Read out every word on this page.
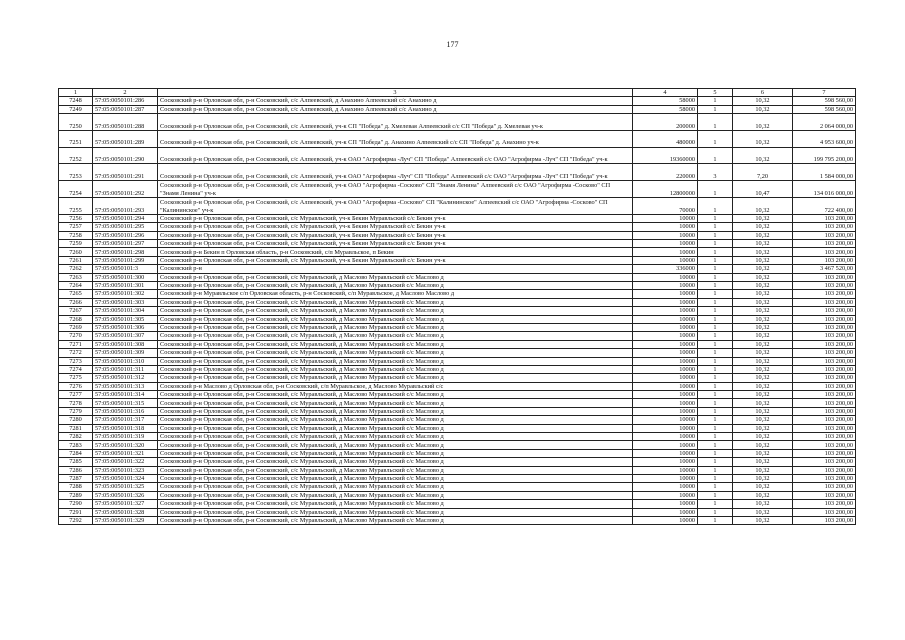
177
1	2	3	4	5	6	7
7248	57:05:0050101:286	Сосковский р-н Орловская обл, р-н Сосковский, с/с Алпеевский, д Анахино Алпеевский с/с Анахино д	58000	1	10,32	598 560,00
7249	57:05:0050101:287	Сосковский р-н Орловская обл, р-н Сосковский, с/с Алпеевский, д Анахино Алпеевский с/с Анахино д	58000	1	10,32	598 560,00
7250	57:05:0050101:288	Сосковский р-н Орловская обл, р-н Сосковский, с/с Алпеевский, уч-к СП "Победа" д. Хмелевая Алпеевский с/с СП "Победа" д. Хмелевая уч-к	200000	1	10,32	2 064 000,00
7251	57:05:0050101:289	Сосковский р-н Орловская обл, р-н Сосковский, с/с Алпеевский, уч-к СП "Победа" д. Анахино Алпеевский с/с СП "Победа" д. Анахино уч-к	480000	1	10,32	4 953 600,00
7252	57:05:0050101:290	Сосковский р-н Орловская обл, р-н Сосковский, с/с Алпеевский, уч-к ОАО "Агрофирма -Луч" СП "Победа" Алпеевский с/с ОАО "Агрофирма -Луч" СП "Победа" уч-к	19360000	1	10,32	199 795 200,00
7253	57:05:0050101:291	Сосковский р-н Орловская обл, р-н Сосковский, с/с Алпеевский, уч-к ОАО "Агрофирма -Луч" СП "Победа" Алпеевский с/с ОАО "Агрофирма -Луч" СП "Победа" уч-к	220000	3	7,20	1 584 000,00
7254	57:05:0050101:292	Сосковский р-н Орловская обл, р-н Сосковский, с/с Алпеевский, уч-к ОАО "Агрофирма -Сосково" СП "Знамя Ленина" Алпеевский с/с ОАО "Агрофирма -Сосково" СП "Знамя Ленина" уч-к	12800000	1	10,47	134 016 000,00
7255	57:05:0050101:293	Сосковский р-н Орловская обл, р-н Сосковский, с/с Алпеевский, уч-к ОАО "Агрофирма -Сосково" СП "Калининское" Алпеевский с/с ОАО "Агрофирма -Сосково" СП "Калининское" уч-к	70000	1	10,32	722 400,00
7256	57:05:0050101:294	Сосковский р-н Орловская обл, р-н Сосковский, с/с Муравльский, уч-к Бекин Муравльский с/с Бекин уч-к	10000	1	10,32	103 200,00
7257	57:05:0050101:295	Сосковский р-н Орловская обл, р-н Сосковский, с/с Муравльский, уч-к Бекин Муравльский с/с Бекин уч-к	10000	1	10,32	103 200,00
7258	57:05:0050101:296	Сосковский р-н Орловская обл, р-н Сосковский, с/с Муравльский, уч-к Бекин Муравльский с/с Бекин уч-к	10000	1	10,32	103 200,00
7259	57:05:0050101:297	Сосковский р-н Орловская обл, р-н Сосковский, с/с Муравльский, уч-к Бекин Муравльский с/с Бекин уч-к	10000	1	10,32	103 200,00
7260	57:05:0050101:298	Сосковский р-н Бекин п Орловская область, р-н Сосковский, с/п Муравльское, п Бекин	10000	1	10,32	103 200,00
7261	57:05:0050101:299	Сосковский р-н Орловская обл, р-н Сосковский, с/с Муравльский, уч-к Бекин Муравльский с/с Бекин уч-к	10000	1	10,32	103 200,00
7262	57:05:0050101:3	Сосковский р-н	336000	1	10,32	3 467 520,00
7263	57:05:0050101:300	Сосковский р-н Орловская обл, р-н Сосковский, с/с Муравльский, д Маслово Муравльский с/с Маслово д	10000	1	10,32	103 200,00
7264	57:05:0050101:301	Сосковский р-н Орловская обл, р-н Сосковский, с/с Муравльский, д Маслово Муравльский с/с Маслово д	10000	1	10,32	103 200,00
7265	57:05:0050101:302	Сосковский р-н Муравльское с/п Орловская область, р-н Сосковский, с/п Муравльское, д Маслово Маслово д	10000	1	10,32	103 200,00
7266	57:05:0050101:303	Сосковский р-н Орловская обл, р-н Сосковский, с/с Муравльский, д Маслово Муравльский с/с Маслово д	10000	1	10,32	103 200,00
7267	57:05:0050101:304	Сосковский р-н Орловская обл, р-н Сосковский, с/с Муравльский, д Маслово Муравльский с/с Маслово д	10000	1	10,32	103 200,00
7268	57:05:0050101:305	Сосковский р-н Орловская обл, р-н Сосковский, с/с Муравльский, д Маслово Муравльский с/с Маслово д	10000	1	10,32	103 200,00
7269	57:05:0050101:306	Сосковский р-н Орловская обл, р-н Сосковский, с/с Муравльский, д Маслово Муравльский с/с Маслово д	10000	1	10,32	103 200,00
7270	57:05:0050101:307	Сосковский р-н Орловская обл, р-н Сосковский, с/с Муравльский, д Маслово Муравльский с/с Маслово д	10000	1	10,32	103 200,00
7271	57:05:0050101:308	Сосковский р-н Орловская обл, р-н Сосковский, с/с Муравльский, д Маслово Муравльский с/с Маслово д	10000	1	10,32	103 200,00
7272	57:05:0050101:309	Сосковский р-н Орловская обл, р-н Сосковский, с/с Муравльский, д Маслово Муравльский с/с Маслово д	10000	1	10,32	103 200,00
7273	57:05:0050101:310	Сосковский р-н Орловская обл, р-н Сосковский, с/с Муравльский, д Маслово Муравльский с/с Маслово д	10000	1	10,32	103 200,00
7274	57:05:0050101:311	Сосковский р-н Орловская обл, р-н Сосковский, с/с Муравльский, д Маслово Муравльский с/с Маслово д	10000	1	10,32	103 200,00
7275	57:05:0050101:312	Сосковский р-н Орловская обл, р-н Сосковский, с/с Муравльский, д Маслово Муравльский с/с Маслово д	10000	1	10,32	103 200,00
7276	57:05:0050101:313	Сосковский р-н Маслово д Орловская обл, р-н Сосковский, с/п Муравльское, д Маслово Муравльский с/с	10000	1	10,32	103 200,00
7277	57:05:0050101:314	Сосковский р-н Орловская обл, р-н Сосковский, с/с Муравльский, д Маслово Муравльский с/с Маслово д	10000	1	10,32	103 200,00
7278	57:05:0050101:315	Сосковский р-н Орловская обл, р-н Сосковский, с/с Муравльский, д Маслово Муравльский с/с Маслово д	10000	1	10,32	103 200,00
7279	57:05:0050101:316	Сосковский р-н Орловская обл, р-н Сосковский, с/с Муравльский, д Маслово Муравльский с/с Маслово д	10000	1	10,32	103 200,00
7280	57:05:0050101:317	Сосковский р-н Орловская обл, р-н Сосковский, с/с Муравльский, д Маслово Муравльский с/с Маслово д	10000	1	10,32	103 200,00
7281	57:05:0050101:318	Сосковский р-н Орловская обл, р-н Сосковский, с/с Муравльский, д Маслово Муравльский с/с Маслово д	10000	1	10,32	103 200,00
7282	57:05:0050101:319	Сосковский р-н Орловская обл, р-н Сосковский, с/с Муравльский, д Маслово Муравльский с/с Маслово д	10000	1	10,32	103 200,00
7283	57:05:0050101:320	Сосковский р-н Орловская обл, р-н Сосковский, с/с Муравльский, д Маслово Муравльский с/с Маслово д	10000	1	10,32	103 200,00
7284	57:05:0050101:321	Сосковский р-н Орловская обл, р-н Сосковский, с/с Муравльский, д Маслово Муравльский с/с Маслово д	10000	1	10,32	103 200,00
7285	57:05:0050101:322	Сосковский р-н Орловская обл, р-н Сосковский, с/с Муравльский, д Маслово Муравльский с/с Маслово д	10000	1	10,32	103 200,00
7286	57:05:0050101:323	Сосковский р-н Орловская обл, р-н Сосковский, с/с Муравльский, д Маслово Муравльский с/с Маслово д	10000	1	10,32	103 200,00
7287	57:05:0050101:324	Сосковский р-н Орловская обл, р-н Сосковский, с/с Муравльский, д Маслово Муравльский с/с Маслово д	10000	1	10,32	103 200,00
7288	57:05:0050101:325	Сосковский р-н Орловская обл, р-н Сосковский, с/с Муравльский, д Маслово Муравльский с/с Маслово д	10000	1	10,32	103 200,00
7289	57:05:0050101:326	Сосковский р-н Орловская обл, р-н Сосковский, с/с Муравльский, д Маслово Муравльский с/с Маслово д	10000	1	10,32	103 200,00
7290	57:05:0050101:327	Сосковский р-н Орловская обл, р-н Сосковский, с/с Муравльский, д Маслово Муравльский с/с Маслово д	10000	1	10,32	103 200,00
7291	57:05:0050101:328	Сосковский р-н Орловская обл, р-н Сосковский, с/с Муравльский, д Маслово Муравльский с/с Маслово д	10000	1	10,32	103 200,00
7292	57:05:0050101:329	Сосковский р-н Орловская обл, р-н Сосковский, с/с Муравльский, д Маслово Муравльский с/с Маслово д	10000	1	10,32	103 200,00
